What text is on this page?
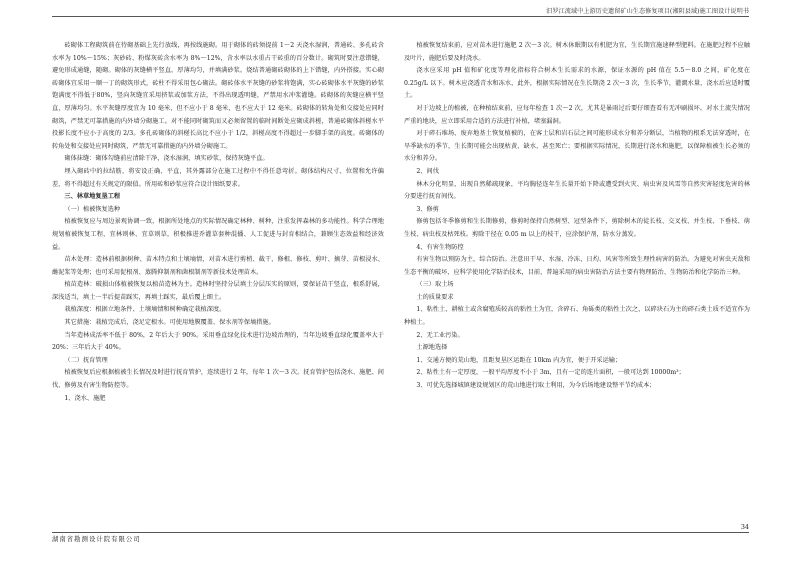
汨罗江流域中上游历史遗留矿山生态修复项目(湘阴县域)施工图设计说明书
砖砌体工程砌筑前在待砌基础上先行放线，再按线施砌。用于砌体的砖须提前 1～2 天浇水湿润，普通砖、多孔砖含水率为 10%～15%；灰砂砖、粉煤灰砖含水率为 8%～12%，含水率以水重占干砖重的百分数计。砌筑时要注意错缝，避免形成通缝，随砌。砌体的灰缝横平竖直，厚薄均匀，并填满砂浆。烧结普通砌砖砌体的上下错缝，内外搭接。实心砌砖砌体宜采用一顺一丁的砌筑形式，砖柱不得采用包心砌法。砌砖体水平灰缝的砂浆将饱满，实心砖砌体水平灰缝的砂浆饱满度不得低于80%，竖向灰缝宜采用挤浆或加浆方法，不得出现透明缝，严禁用水冲浆灌缝。砖砌体的灰缝应横平竖直，厚薄均匀。水平灰缝厚度宜为 10 毫米，但不应小于 8 毫米，也不应大于 12 毫米。砖砌体的转角处和交接处应同时砌筑，严禁无可靠措施的内外墙分砌施工。对不能同时砌筑而又必须留置的临时间断处应砌成斜槎，普通砖砌体斜槎水平投影长度不应小于高度的 2/3。多孔砖砌体的斜槎长高比不应小于 1/2，斜槎高度不得超过一步脚手架的高度。砖砌体的转角处和交接处应同时砌筑，严禁无可靠措施的内外墙分砌施工。
砌体抹缝：砌体勾缝前应清除干净，浇水湿润，填实砂浆，保持灰缝平直。
埋入砌砖中的拉结筋，将安设正确、平直，其外露部分在施工过程中不得任意弯折。砌体结构尺寸、位置和允许偏差，将不得超过有关规定的限值。所用砖和砂浆应符合设计图纸要求。
三、林草地复垦工程
（一）植被恢复选种
植被恢复应与周边景观协调一致，根据所处地点的实际情况确定林种、树种，注重发挥森林的多功能性。科学合理地规划植被恢复工程，宜林则林、宜草则草，积极推进乔灌草套种混播、人工促进与封育相结合，兼顾生态效益和经济效益。
苗木处理：造林前根据树种、苗木特点和土壤墒情，对苗木进行剪梢、截干、修根、修枝、剪叶、摘芽、苗根浸水、蘸泥浆等处理；也可采用促根剂、蒸腾抑制剂和菌根制剂等新技术处理苗木。
植苗造林：破损山体植被恢复以植苗造林为主。造林时坚持分层填土分层压实的原则，要保证苗干竖直，根系舒展，深浅适当，填土一半后提苗踩实，再填土踩实，最后覆上细土。
栽植深度：根据立地条件、土壤墒情和树种确定栽植深度。
其它措施：栽植完成后，浇足定根水。可使用地膜覆盖、保水剂等保墒措施。
当年造林成活率不低于 80%，2 年后大于 90%。采用垂直绿化技术进行边坡治理的，当年边坡垂直绿化覆盖率大于 20%；三年后大于 40%。
（二）抚育管理
植被恢复后应根据植被生长情况及时进行抚育管护，连续进行 2 年，每年 1 次～3 次。抚育管护包括浇水、施肥、间伐、修剪及有害生物防控等。
1、浇水、施肥
植被恢复结束前，应对苗木进行施肥 2 次～3 次。树木休眠期以有机肥为宜，生长期宜施速释型肥料。在施肥过程不应触及叶片，施肥后要及时浇水。
浇水应采用 pH 值和矿化度等理化指标符合树木生长需求的水源，保证水源的 pH 值在 5.5～8.0 之间，矿化度在 0.25g/L 以下。树木应浇透青水和冻水，此外，根据实际情况在生长期浇 2 次～3 次，生长季节，灌溉水量，浇水后应适时覆土。
对于边坡上的植被，在种植结束前，应每年检查 1 次～2 次，尤其是暴雨过后要仔细查看有无冲刷损坏。对水土流失情况严重的地块，应立即采用合适的方法进行补植，堵塞漏洞。
对于碎石堆场、废弃地基土恢复植被的，在客土层和岩石层之间可能形成水分和养分断层，当植物的根系无法穿透时，在旱季缺水的季节，生长期可能会出现枯黄、缺水，甚至死亡；要根据实际情况，长期进行浇水和施肥，以保障植被生长必须的水分和养分。
2、间伐
林木分化明显，出现自然稀疏现象，平均胸径连年生长量开始下降或遭受到火灾、病虫害及风雪等自然灾害轻度危害的林分要进行抚育间伐。
3、修剪
修剪包括冬季修剪和生长期修剪，修剪时保持自然树型、冠型条件下，剪除树木的徒长枝、交叉枝、并生枝、下垂枝、萌生枝、病虫枝及枯死枝。剪除干径在 0.05 m 以上的枝干，应涂保护剂，防水分蒸发。
4、有害生物防控
有害生物以预防为主，综合防治。注意田干早、水湿、冷冻、日灼、风害等所致生理性病害的防治。为避免对害虫天敌和生态平衡的破坏，应科学使用化学防治技术，目前，普遍采用的病虫害防治方法主要有物理防治、生物防治和化学防治三种。
（三）取土场
土的质量要求
1、粘性土，耕植土或含腐殖质较高的粘性土为宜，含碎石、角砾类的粘性土次之，以碎块石为主的碎石类土质不适宜作为种植土。
2、无工业污染。
土源地选择
1、交通方便的荒山地，且距复垦区运距在 10km 内为宜，便于开采运输；
2、粘性土有一定厚度，一般平均厚度不小于 3m，且有一定的连片面积，一般可达到 10000m³；
3、可优先选择城镇建设规划区的荒山地进行取土利用，为今后场地建设整平节约成本；
34
湖南省勘测设计院有限公司
